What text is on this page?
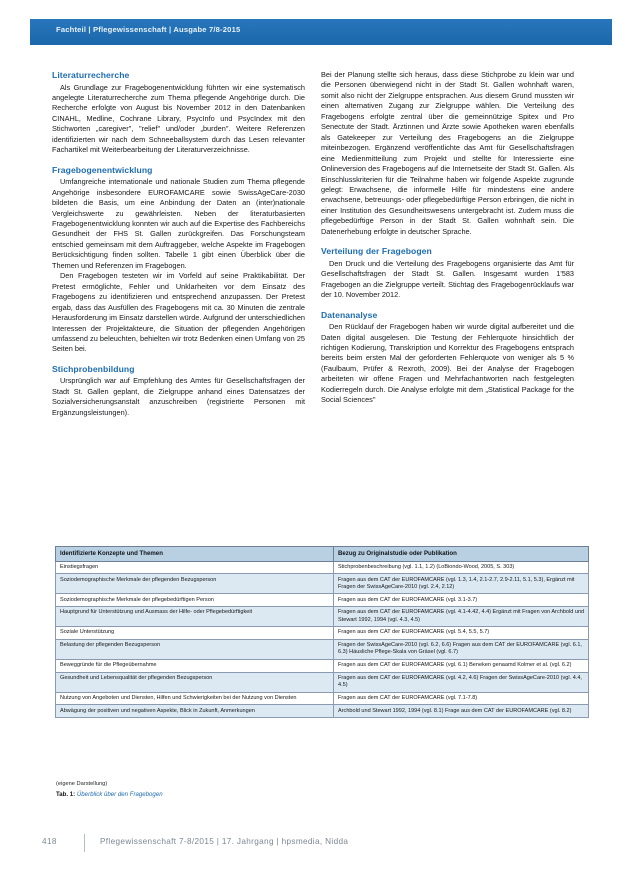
Fachteil | Pflegewissenschaft | Ausgabe 7/8-2015
Literaturrecherche

Als Grundlage zur Fragebogenentwicklung führten wir eine systematisch angelegte Literaturrecherche zum Thema pflegende Angehörige durch. Die Recherche erfolgte von August bis November 2012 in den Datenbanken CINAHL, Medline, Cochrane Library, PsycInfo und PsycIndex mit den Stichworten „caregiver", "relief" und/oder „burden". Weitere Referenzen identifizierten wir nach dem Schneeballsystem durch das Lesen relevanter Fachartikel mit Weiterbearbeitung der Literaturverzeichnisse.

Fragebogenentwicklung

Umfangreiche internationale und nationale Studien zum Thema pflegende Angehörige insbesondere EUROFAMCARE sowie SwissAgeCare-2030 bildeten die Basis, um eine Anbindung der Daten an (inter)nationale Vergleichswerte zu gewährleisten. Neben der literaturbasierten Fragebogenentwicklung konnten wir auch auf die Expertise des Fachbereichs Gesundheit der FHS St. Gallen zurückgreifen. Das Forschungsteam entschied gemeinsam mit dem Auftraggeber, welche Aspekte im Fragebogen Berücksichtigung finden sollten. Tabelle 1 gibt einen Überblick über die Themen und Referenzen im Fragebogen.

Den Fragebogen testeten wir im Vorfeld auf seine Praktikabilität. Der Pretest ermöglichte, Fehler und Unklarheiten vor dem Einsatz des Fragebogens zu identifizieren und entsprechend anzupassen. Der Pretest ergab, dass das Ausfüllen des Fragebogens mit ca. 30 Minuten die zentrale Herausforderung im Einsatz darstellen würde. Aufgrund der unterschiedlichen Interessen der Projektakteure, die Situation der pflegenden Angehörigen umfassend zu beleuchten, behielten wir trotz Bedenken einen Umfang von 25 Seiten bei.

Stichprobenbildung

Ursprünglich war auf Empfehlung des Amtes für Gesellschaftsfragen der Stadt St. Gallen geplant, die Zielgruppe anhand eines Datensatzes der Sozialversicherungsanstalt anzuschreiben (registrierte Personen mit Ergänzungsleistungen).

Bei der Planung stellte sich heraus, dass diese Stichprobe zu klein war und die Personen überwiegend nicht in der Stadt St. Gallen wohnhaft waren, somit also nicht der Zielgruppe entsprachen. Aus diesem Grund mussten wir einen alternativen Zugang zur Zielgruppe wählen. Die Verteilung des Fragebogens erfolgte zentral über die gemeinnützige Spitex und Pro Senectute der Stadt. Ärztinnen und Ärzte sowie Apotheken waren ebenfalls als Gatekeeper zur Verteilung des Fragebogens an die Zielgruppe miteinbezogen. Ergänzend veröffentlichte das Amt für Gesellschaftsfragen eine Medienmitteilung zum Projekt und stellte für Interessierte eine Onlineversion des Fragebogens auf die Internetseite der Stadt St. Gallen. Als Einschlusskriterien für die Teilnahme haben wir folgende Aspekte zugrunde gelegt: Erwachsene, die informelle Hilfe für mindestens eine andere erwachsene, betreuungs- oder pflegebedürftige Person erbringen, die nicht in einer Institution des Gesundheitswesens untergebracht ist. Zudem muss die pflegebedürftige Person in der Stadt St. Gallen wohnhaft sein. Die Datenerhebung erfolgte in deutscher Sprache.

Verteilung der Fragebogen

Den Druck und die Verteilung des Fragebogens organisierte das Amt für Gesellschaftsfragen der Stadt St. Gallen. Insgesamt wurden 1'583 Fragebogen an die Zielgruppe verteilt. Stichtag des Fragebogenrücklaufs war der 10. November 2012.

Datenanalyse

Den Rücklauf der Fragebogen haben wir wurde digital aufbereitet und die Daten digital ausgelesen. Die Testung der Fehlerquote hinsichtlich der richtigen Kodierung, Transkription und Korrektur des Fragebogens entsprach bereits beim ersten Mal der geforderten Fehlerquote von weniger als 5 % (Faulbaum, Prüfer & Rexroth, 2009). Bei der Analyse der Fragebogen arbeiteten wir offene Fragen und Mehrfachantworten nach festgelegten Kodierregeln durch. Die Analyse erfolgte mit dem „Statistical Package for the Social Sciences"

Identifizierte Konzepte und Themen	Bezug zu Originalstudie oder Publikation
Einstiegsfragen	Stichprobenbeschreibung (vgl. 1.1, 1.2) (LoBiondo-Wood, 2005, S. 303)
Soziodemographische Merkmale der pflegenden Bezugsperson	Fragen aus dem CAT der EUROFAMCARE (vgl. 1.3, 1.4, 2.1-2.7, 2.9-2.11, 5.1, 5.3), Ergänzt mit Fragen der SwissAgeCare-2010 (vgl. 2.4, 2.12)
Soziodemographische Merkmale der pflegebedürftigen Person	Fragen aus dem CAT der EUROFAMCARE (vgl. 3.1-3.7)
Hauptgrund für Unterstützung und Ausmass der Hilfe- oder Pflegebedürftigkeit	Fragen aus dem CAT der EUROFAMCARE (vgl. 4.1-4.42, 4.4) Ergänzt mit Fragen von Archbold und Stewart 1992, 1994 (vgl. 4.3, 4.5)
Soziale Unterstützung	Fragen aus dem CAT der EUROFAMCARE (vgl. 5.4, 5.5, 5.7)
Belastung der pflegenden Bezugsperson	Fragen der SwissAgeCare-2010 (vgl. 6.2, 6.6) Fragen aus dem CAT der EUROFAMCARE (vgl. 6.1, 6.3) Häusliche Pflege-Skala von Gräsel (vgl. 6.7)
Beweggründe für die Pflegeübernahme	Fragen aus dem CAT der EUROFAMCARE (vgl. 6.1) Beneken genaamd Kolmer et al. (vgl. 6.2)
Gesundheit und Lebensqualität der pflegenden Bezugsperson	Fragen aus dem CAT der EUROFAMCARE (vgl. 4.2, 4.6) Fragen der SwissAgeCare-2010 (vgl. 4.4, 4.5)
Nutzung von Angeboten und Diensten, Hilfen und Schwierigkeiten bei der Nutzung von Diensten	Fragen aus dem CAT der EUROFAMCARE (vgl. 7.1-7.8)
Abwägung der positiven und negativen Aspekte, Blick in Zukunft, Anmerkungen	Archbold und Stewart 1992, 1994 (vgl. 8.1) Frage aus dem CAT der EUROFAMCARE (vgl. 8.2)
(eigene Darstellung)
Tab. 1: Überblick über den Fragebogen
418	Pflegewissenschaft 7-8/2015 | 17. Jahrgang | hpsmedia, Nidda
